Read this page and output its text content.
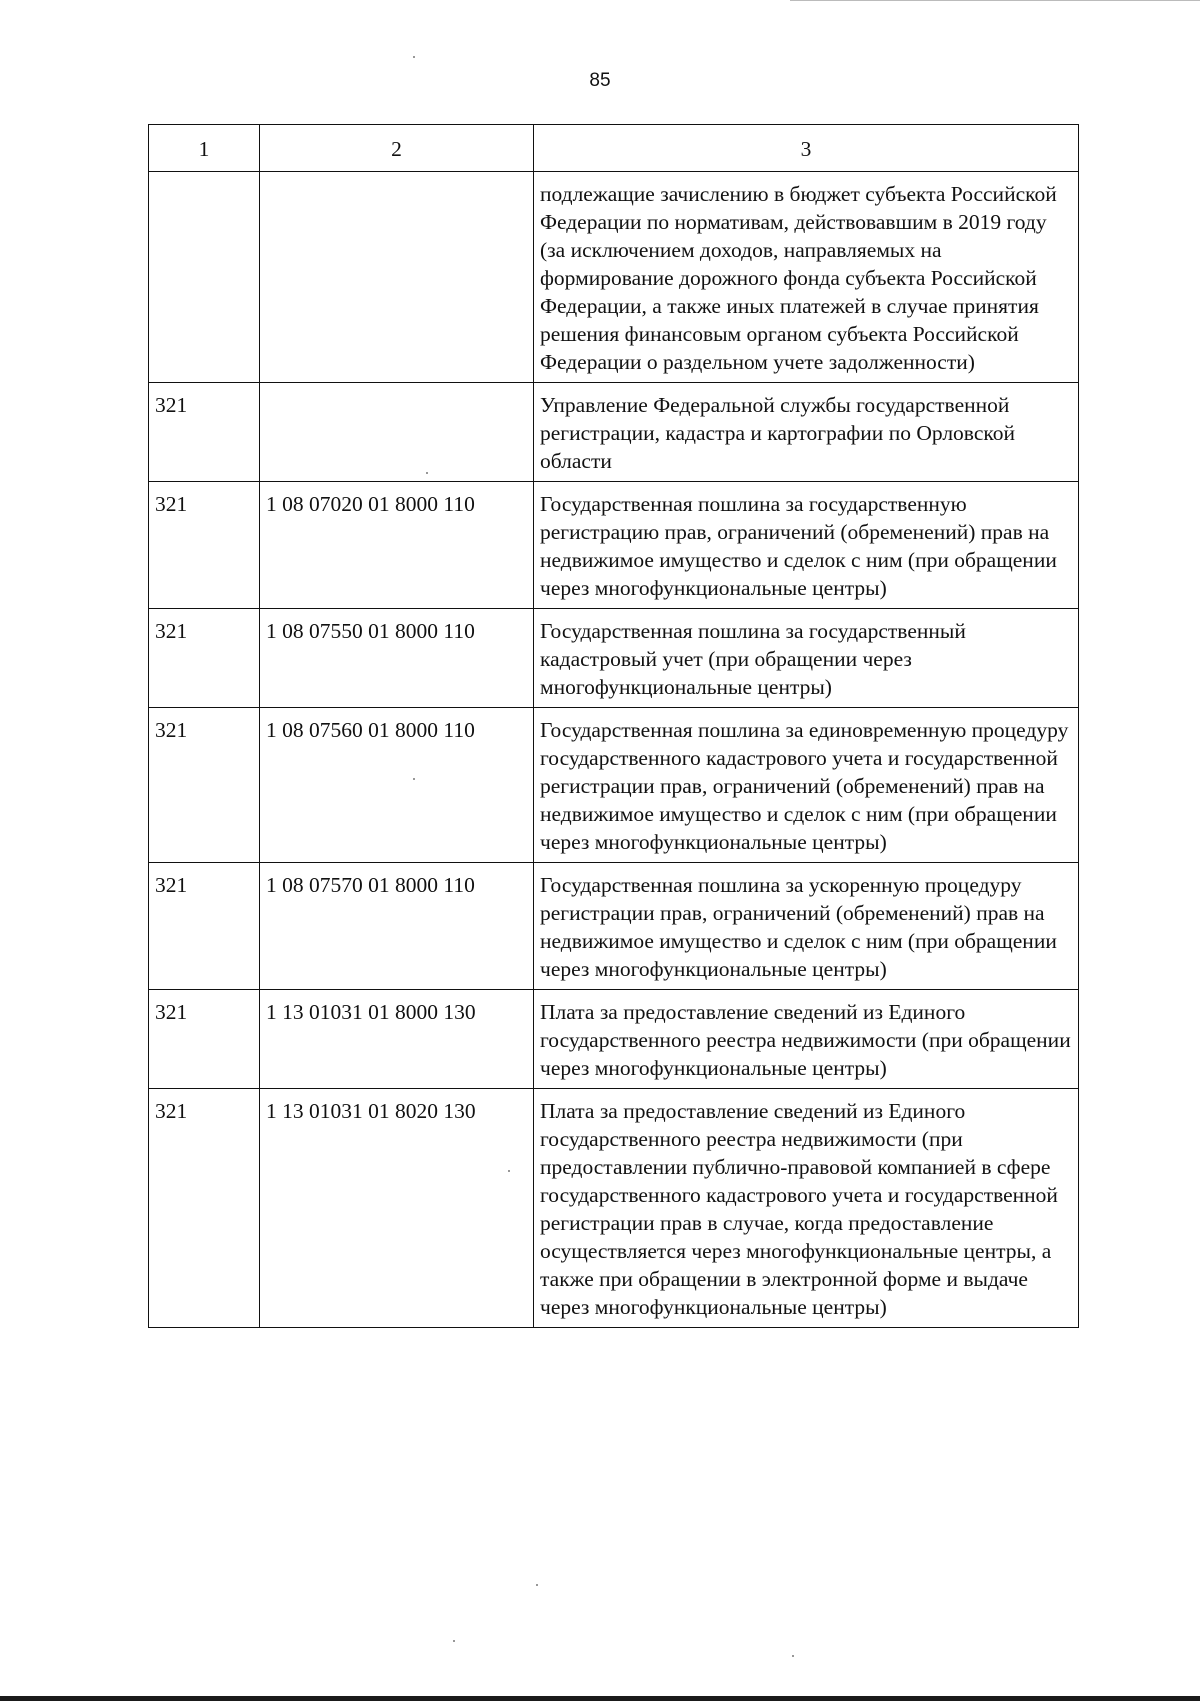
85
1	2	3
		подлежащие зачислению в бюджет субъекта Российской Федерации по нормативам, действовавшим в 2019 году (за исключением доходов, направляемых на формирование дорожного фонда субъекта Российской Федерации, а также иных платежей в случае принятия решения финансовым органом субъекта Российской Федерации о раздельном учете задолженности)
321		Управление Федеральной службы государственной регистрации, кадастра и картографии по Орловской области
321	1 08 07020 01 8000 110	Государственная пошлина за государственную регистрацию прав, ограничений (обременений) прав на недвижимое имущество и сделок с ним (при обращении через многофункциональные центры)
321	1 08 07550 01 8000 110	Государственная пошлина за государственный кадастровый учет (при обращении через многофункциональные центры)
321	1 08 07560 01 8000 110	Государственная пошлина за единовременную процедуру государственного кадастрового учета и государственной регистрации прав, ограничений (обременений) прав на недвижимое имущество и сделок с ним (при обращении через многофункциональные центры)
321	1 08 07570 01 8000 110	Государственная пошлина за ускоренную процедуру регистрации прав, ограничений (обременений) прав на недвижимое имущество и сделок с ним (при обращении через многофункциональные центры)
321	1 13 01031 01 8000 130	Плата за предоставление сведений из Единого государственного реестра недвижимости (при обращении через многофункциональные центры)
321	1 13 01031 01 8020 130	Плата за предоставление сведений из Единого государственного реестра недвижимости (при предоставлении публично-правовой компанией в сфере государственного кадастрового учета и государственной регистрации прав в случае, когда предоставление осуществляется через многофункциональные центры, а также при обращении в электронной форме и выдаче через многофункциональные центры)
